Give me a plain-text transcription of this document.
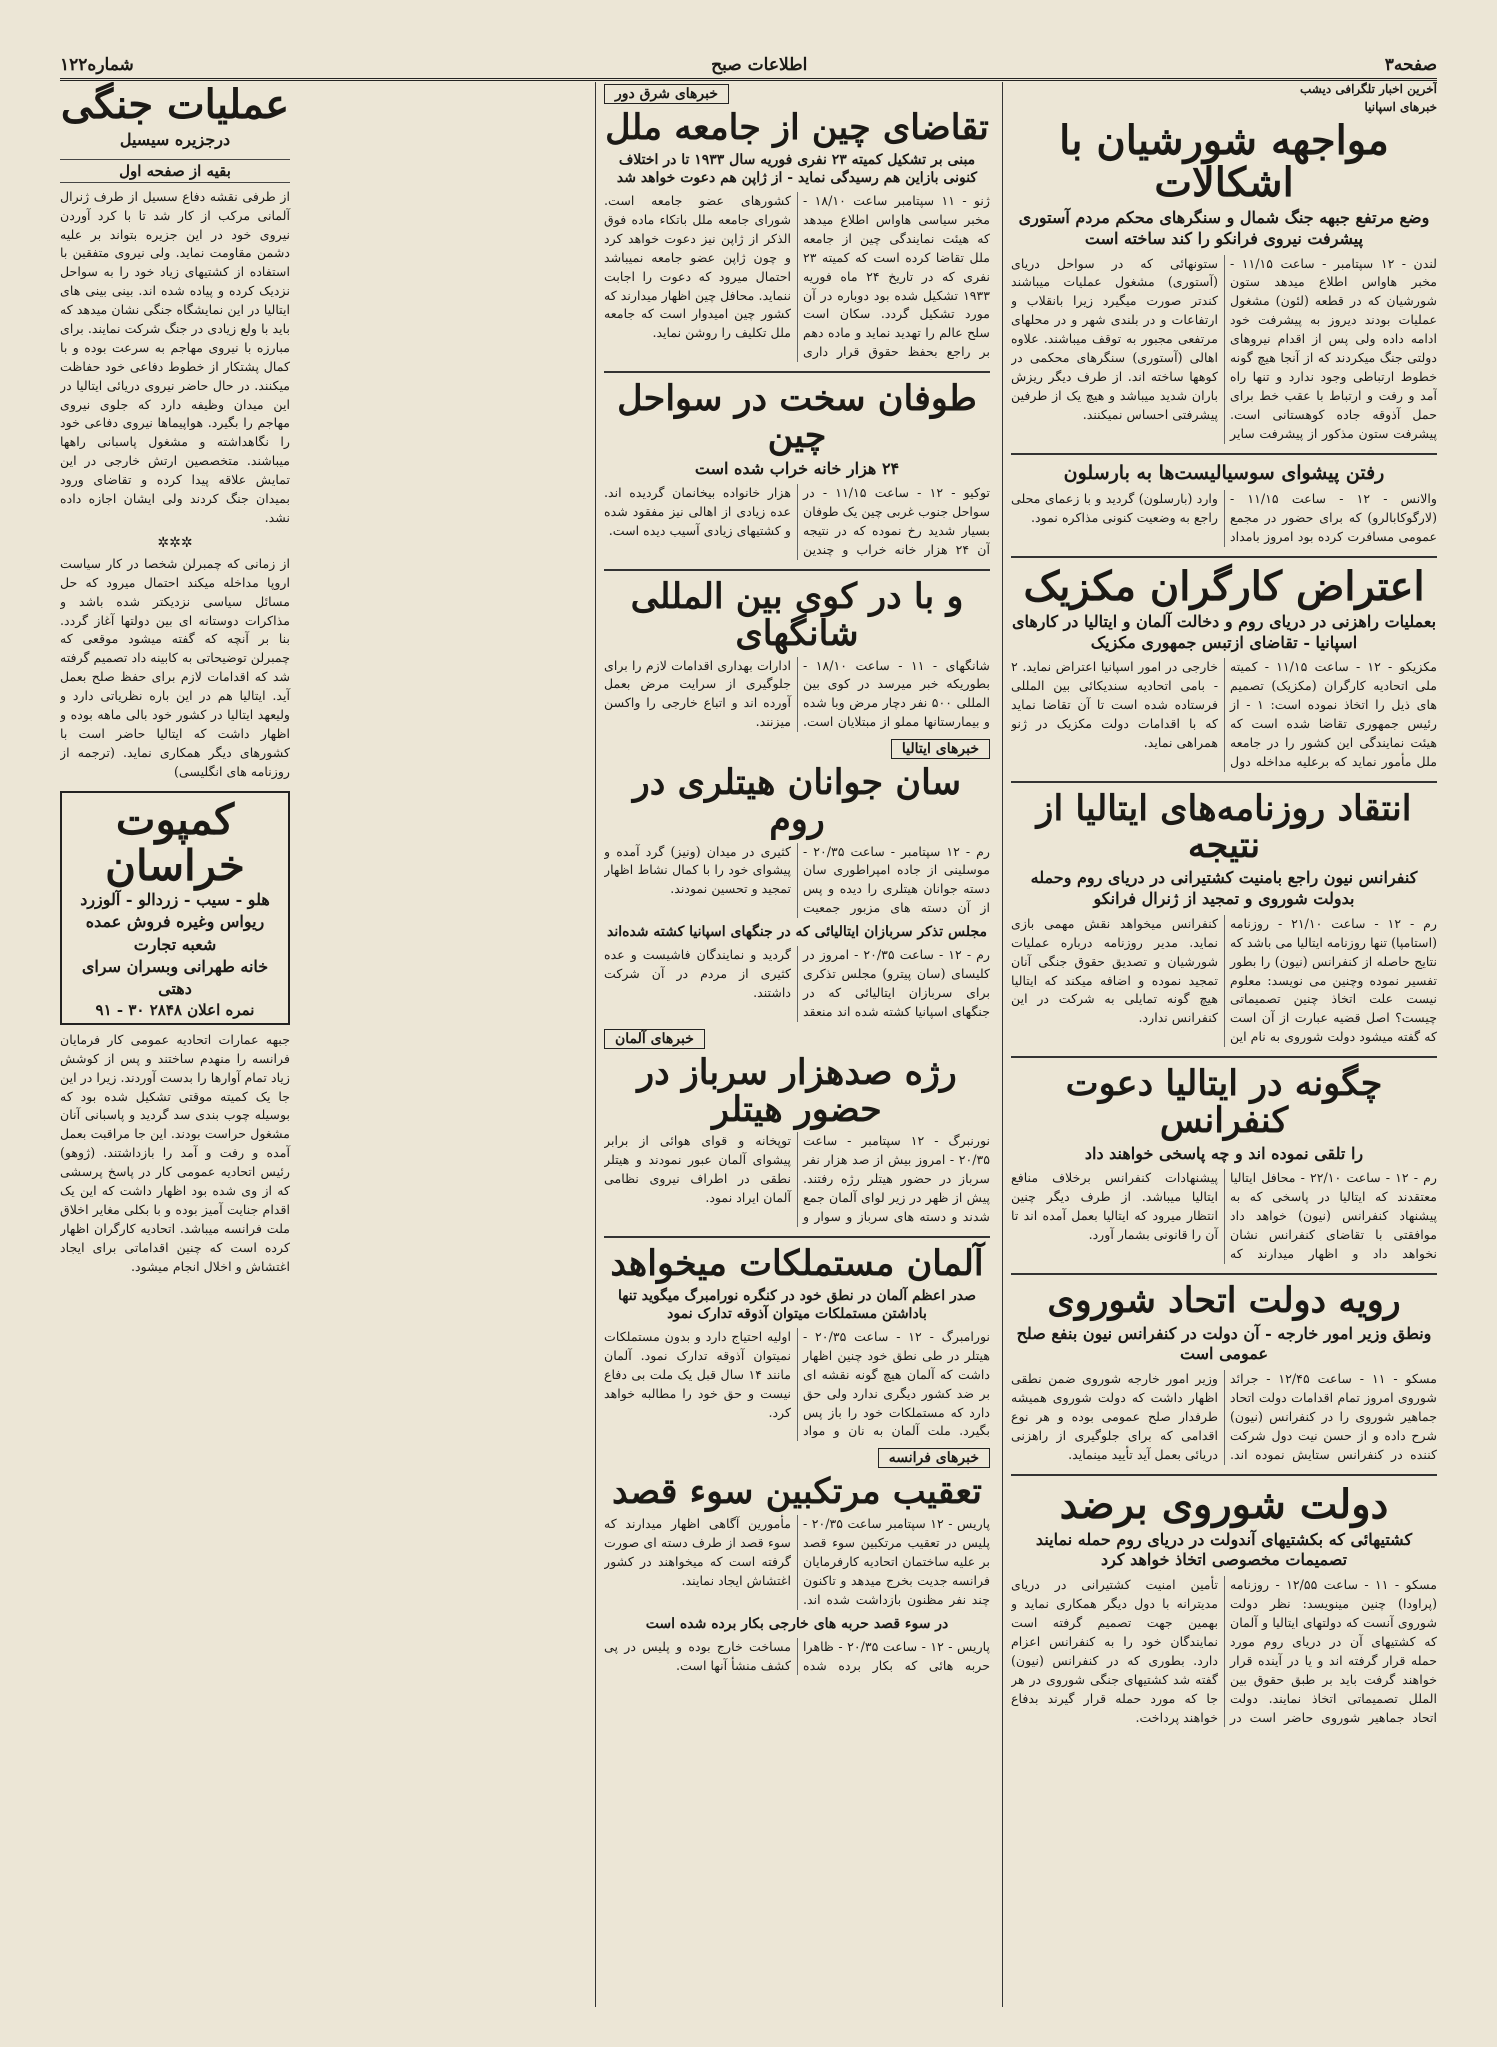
صفحه۳
اطلاعات صبح
شماره۱۲۲
آخرین اخبار تلگرافی دیشب
خبرهای اسپانیا
مواجهه شورشیان با اشکالات
وضع مرتفع جبهه جنگ شمال و سنگرهای محکم مردم آستوری پیشرفت نیروی فرانکو را کند ساخته است
لندن - ۱۲ سپتامبر - ساعت ۱۱/۱۵ - مخبر هاواس اطلاع میدهد ستون شورشیان که در قطعه (لئون) مشغول عملیات بودند دیروز به پیشرفت خود ادامه داده ولی پس از اقدام نیروهای دولتی جنگ میکردند که از آنجا هیچ گونه خطوط ارتباطی وجود ندارد و تنها راه آمد و رفت و ارتباط با عقب خط برای حمل آذوقه جاده کوهستانی است. پیشرفت ستون مذکور از پیشرفت سایر ستونهائی که در سواحل دریای (آستوری) مشغول عملیات میباشند کندتر صورت میگیرد زیرا بانقلاب و ارتفاعات و در بلندی شهر و در محلهای مرتفعی مجبور به توقف میباشند. علاوه اهالی (آستوری) سنگرهای محکمی در کوهها ساخته اند. از طرف دیگر ریزش باران شدید میباشد و هیچ یک از طرفین پیشرفتی احساس نمیکنند.
رفتن پیشوای سوسیالیست‌ها به بارسلون
والانس - ۱۲ - ساعت ۱۱/۱۵ - (لارگوکابالرو) که برای حضور در مجمع عمومی مسافرت کرده بود امروز بامداد وارد (بارسلون) گردید و با زعمای محلی راجع به وضعیت کنونی مذاکره نمود.
اعتراض کارگران مکزیک
بعملیات راهزنی در دریای روم و دخالت آلمان و ایتالیا در کارهای اسپانیا - تقاضای ازتبس جمهوری مکزیک
مکزیکو - ۱۲ - ساعت ۱۱/۱۵ - کمیته ملی اتحادیه کارگران (مکزیک) تصمیم های ذیل را اتخاذ نموده است: ۱ - از رئیس جمهوری تقاضا شده است که هیئت نمایندگی این کشور را در جامعه ملل مأمور نماید که برعلیه مداخله دول خارجی در امور اسپانیا اعتراض نماید. ۲ - بامی اتحادیه سندیکائی بین المللی فرستاده شده است تا آن تقاضا نماید که با اقدامات دولت مکزیک در ژنو همراهی نماید.
انتقاد روزنامه‌های ایتالیا از نتیجه
کنفرانس نیون راجع بامنیت کشتیرانی در دریای روم وحمله بدولت شوروی و تمجید از ژنرال فرانکو
رم - ۱۲ - ساعت ۲۱/۱۰ - روزنامه (استامپا) تنها روزنامه ایتالیا می باشد که نتایج حاصله از کنفرانس (نیون) را بطور تفسیر نموده وچنین می نویسد: معلوم نیست علت اتخاذ چنین تصمیماتی چیست؟ اصل قضیه عبارت از آن است که گفته میشود دولت شوروی به نام این کنفرانس میخواهد نقش مهمی بازی نماید. مدیر روزنامه درباره عملیات شورشیان و تصدیق حقوق جنگی آنان تمجید نموده و اضافه میکند که ایتالیا هیچ گونه تمایلی به شرکت در این کنفرانس ندارد.
چگونه در ایتالیا دعوت کنفرانس
را تلقی نموده اند و چه پاسخی خواهند داد
رم - ۱۲ - ساعت ۲۲/۱۰ - محافل ایتالیا معتقدند که ایتالیا در پاسخی که به پیشنهاد کنفرانس (نیون) خواهد داد موافقتی با تقاضای کنفرانس نشان نخواهد داد و اظهار میدارند که پیشنهادات کنفرانس برخلاف منافع ایتالیا میباشد. از طرف دیگر چنین انتظار میرود که ایتالیا بعمل آمده اند تا آن را قانونی بشمار آورد.
رویه دولت اتحاد شوروی
ونطق وزیر امور خارجه - آن دولت در کنفرانس نیون بنفع صلح عمومی است
مسکو - ۱۱ - ساعت ۱۲/۴۵ - جرائد شوروی امروز تمام اقدامات دولت اتحاد جماهیر شوروی را در کنفرانس (نیون) شرح داده و از حسن نیت دول شرکت کننده در کنفرانس ستایش نموده اند. وزیر امور خارجه شوروی ضمن نطقی اظهار داشت که دولت شوروی همیشه طرفدار صلح عمومی بوده و هر نوع اقدامی که برای جلوگیری از راهزنی دریائی بعمل آید تأیید مینماید.
دولت شوروی برضد
کشتیهائی که بکشتیهای آندولت در دریای روم حمله نمایند تصمیمات مخصوصی اتخاذ خواهد کرد
مسکو - ۱۱ - ساعت ۱۲/۵۵ - روزنامه (پراودا) چنین مینویسد: نظر دولت شوروی آنست که دولتهای ایتالیا و آلمان که کشتیهای آن در دریای روم مورد حمله قرار گرفته اند و یا در آینده قرار خواهند گرفت باید بر طبق حقوق بین الملل تصمیماتی اتخاذ نمایند. دولت اتحاد جماهیر شوروی حاضر است در تأمین امنیت کشتیرانی در دریای مدیترانه با دول دیگر همکاری نماید و بهمین جهت تصمیم گرفته است نمایندگان خود را به کنفرانس اعزام دارد. بطوری که در کنفرانس (نیون) گفته شد کشتیهای جنگی شوروی در هر جا که مورد حمله قرار گیرند بدفاع خواهند پرداخت.
خبرهای شرق دور
تقاضای چین از جامعه ملل
مبنی بر تشکیل کمیته ۲۳ نفری فوریه سال ۱۹۳۳ تا در اختلاف کنونی بازاین هم رسیدگی نماید - از ژاپن هم دعوت خواهد شد
ژنو - ۱۱ سپتامبر ساعت ۱۸/۱۰ - مخبر سیاسی هاواس اطلاع میدهد که هیئت نمایندگی چین از جامعه ملل تقاضا کرده است که کمیته ۲۳ نفری که در تاریخ ۲۴ ماه فوریه ۱۹۳۳ تشکیل شده بود دوباره در آن مورد تشکیل گردد. سکان است سلح عالم را تهدید نماید و ماده دهم بر راجع بحفظ حقوق قرار داری کشورهای عضو جامعه است. شورای جامعه ملل باتکاء ماده فوق الذکر از ژاپن نیز دعوت خواهد کرد و چون ژاپن عضو جامعه نمیباشد احتمال میرود که دعوت را اجابت ننماید. محافل چین اظهار میدارند که کشور چین امیدوار است که جامعه ملل تکلیف را روشن نماید.
طوفان سخت در سواحل چین
۲۴ هزار خانه خراب شده است
توکیو - ۱۲ - ساعت ۱۱/۱۵ - در سواحل جنوب غربی چین یک طوفان بسیار شدید رخ نموده که در نتیجه آن ۲۴ هزار خانه خراب و چندین هزار خانواده بیخانمان گردیده اند. عده زیادی از اهالی نیز مفقود شده و کشتیهای زیادی آسیب دیده است.
و با در کوی بین المللی شانگهای
شانگهای - ۱۱ - ساعت ۱۸/۱۰ - بطوریکه خبر میرسد در کوی بین المللی ۵۰۰ نفر دچار مرض وبا شده و بیمارستانها مملو از مبتلایان است. ادارات بهداری اقدامات لازم را برای جلوگیری از سرایت مرض بعمل آورده اند و اتباع خارجی را واکسن میزنند.
خبرهای ایتالیا
سان جوانان هیتلری در روم
رم - ۱۲ سپتامبر - ساعت ۲۰/۳۵ - موسلینی از جاده امپراطوری سان دسته جوانان هیتلری را دیده و پس از آن دسته های مزبور جمعیت کثیری در میدان (ونیز) گرد آمده و پیشوای خود را با کمال نشاط اظهار تمجید و تحسین نمودند.
مجلس تذکر سربازان ایتالیائی که در جنگهای اسپانیا کشته شده‌اند
رم - ۱۲ - ساعت ۲۰/۳۵ - امروز در کلیسای (سان پیترو) مجلس تذکری برای سربازان ایتالیائی که در جنگهای اسپانیا کشته شده اند منعقد گردید و نمایندگان فاشیست و عده کثیری از مردم در آن شرکت داشتند.
خبرهای آلمان
رژه صدهزار سرباز در حضور هیتلر
نورنبرگ - ۱۲ سپتامبر - ساعت ۲۰/۳۵ - امروز بیش از صد هزار نفر سرباز در حضور هیتلر رژه رفتند. پیش از ظهر در زیر لوای آلمان جمع شدند و دسته های سرباز و سوار و توپخانه و قوای هوائی از برابر پیشوای آلمان عبور نمودند و هیتلر نطقی در اطراف نیروی نظامی آلمان ایراد نمود.
آلمان مستملکات میخواهد
صدر اعظم آلمان در نطق خود در کنگره نورامبرگ میگوید تنها باداشتن مستملکات میتوان آذوقه تدارک نمود
نورامبرگ - ۱۲ - ساعت ۲۰/۳۵ - هیتلر در طی نطق خود چنین اظهار داشت که آلمان هیچ گونه نقشه ای بر ضد کشور دیگری ندارد ولی حق دارد که مستملکات خود را باز پس بگیرد. ملت آلمان به نان و مواد اولیه احتیاج دارد و بدون مستملکات نمیتوان آذوقه تدارک نمود. آلمان مانند ۱۴ سال قبل یک ملت بی دفاع نیست و حق خود را مطالبه خواهد کرد.
خبرهای فرانسه
تعقیب مرتکبین سوء قصد
پاریس - ۱۲ سپتامبر ساعت ۲۰/۳۵ - پلیس در تعقیب مرتکبین سوء قصد بر علیه ساختمان اتحادیه کارفرمایان فرانسه جدیت بخرج میدهد و تاکنون چند نفر مظنون بازداشت شده اند. مأمورین آگاهی اظهار میدارند که سوء قصد از طرف دسته ای صورت گرفته است که میخواهند در کشور اغتشاش ایجاد نمایند.
در سوء قصد حربه های خارجی بکار برده شده است
پاریس - ۱۲ - ساعت ۲۰/۳۵ - ظاهرا حربه هائی که بکار برده شده مساخت خارج بوده و پلیس در پی کشف منشأ آنها است.
عملیات جنگی
درجزیره سیسیل
بقیه از صفحه اول
از طرفی نقشه دفاع سسیل از طرف ژنرال آلمانی مرکب از کار شد تا با کرد آوردن نیروی خود در این جزیره بتواند بر علیه دشمن مقاومت نماید. ولی نیروی متفقین با استفاده از کشتیهای زیاد خود را به سواحل نزدیک کرده و پیاده شده اند. بینی بینی های ایتالیا در این نمایشگاه جنگی نشان میدهد که باید با ولع زیادی در جنگ شرکت نمایند. برای مبارزه با نیروی مهاجم به سرعت بوده و با کمال پشتکار از خطوط دفاعی خود حفاظت میکنند. در حال حاضر نیروی دریائی ایتالیا در این میدان وظیفه دارد که جلوی نیروی مهاجم را بگیرد. هواپیماها نیروی دفاعی خود را نگاهداشته و مشغول پاسبانی راهها میباشند. متخصصین ارتش خارجی در این تمایش علاقه پیدا کرده و تقاضای ورود بمیدان جنگ کردند ولی ایشان اجازه داده نشد.
✲✲✲
از زمانی که چمبرلن شخصا در کار سیاست اروپا مداخله میکند احتمال میرود که حل مسائل سیاسی نزدیکتر شده باشد و مذاکرات دوستانه ای بین دولتها آغاز گردد. بنا بر آنچه که گفته میشود موقعی که چمبرلن توضیحاتی به کابینه داد تصمیم گرفته شد که اقدامات لازم برای حفظ صلح بعمل آید. ایتالیا هم در این باره نظریاتی دارد و ولیعهد ایتالیا در کشور خود بالی ماهه بوده و اظهار داشت که ایتالیا حاضر است با کشورهای دیگر همکاری نماید. (ترجمه از روزنامه های انگلیسی)
کمپوت خراسان
هلو - سیب - زردالو - آلوزرد
ریواس وغیره فروش عمده شعبه تجارت
خانه طهرانی وبسران سرای دهتی
نمره اعلان ۲۸۴۸ ۳۰ - ۹۱
جبهه عمارات اتحادیه عمومی کار فرمایان فرانسه را منهدم ساختند و پس از کوشش زیاد تمام آوارها را بدست آوردند. زیرا در این جا یک کمیته موقتی تشکیل شده بود که بوسیله چوب بندی سد گردید و پاسبانی آنان مشغول حراست بودند. این جا مراقبت بعمل آمده و رفت و آمد را بازداشتند. (ژوهو) رئیس اتحادیه عمومی کار در پاسخ پرسشی که از وی شده بود اظهار داشت که این یک اقدام جنایت آمیز بوده و با بکلی مغایر اخلاق ملت فرانسه میباشد. اتحادیه کارگران اظهار کرده است که چنین اقداماتی برای ایجاد اغتشاش و اخلال انجام میشود.
